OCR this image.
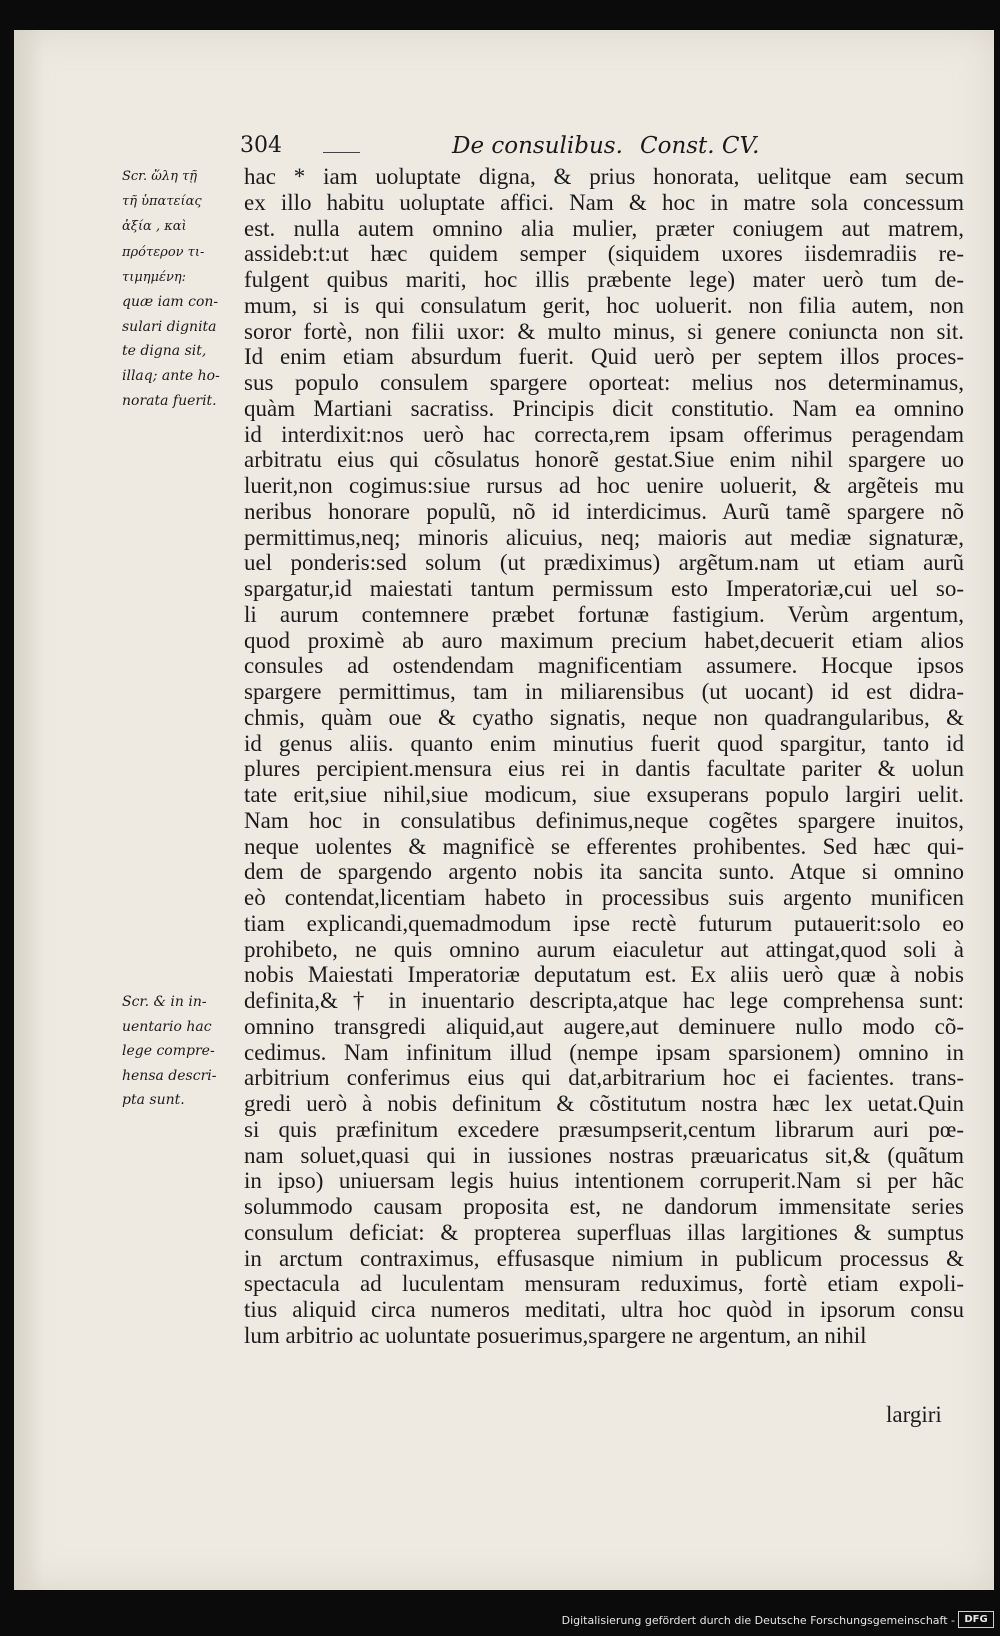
304	De consulibus. Const. CV.
Scr. ὥλη τῇ
τῆ ὑπατείας
ἀξία , καὶ
πρότερον τι-
τιμημένη:
quæ iam con-
sulari dignita
te digna sit,
illaq; ante ho-
norata fuerit.
Scr. & in in-
uentario hac
lege compre-
hensa descri-
pta sunt.
hac * iam uoluptate digna, & prius honorata, uelitque eam secum
ex illo habitu uoluptate affici. Nam & hoc in matre sola concessum
est. nulla autem omnino alia mulier, præter coniugem aut matrem,
assideb:t:ut hæc quidem semper (siquidem uxores iisdemradiis re-
fulgent quibus mariti, hoc illis præbente lege) mater uerò tum de-
mum, si is qui consulatum gerit, hoc uoluerit. non filia autem, non
soror fortè, non filii uxor: & multo minus, si genere coniuncta non sit.
Id enim etiam absurdum fuerit. Quid uerò per septem illos proces-
sus populo consulem spargere oporteat: melius nos determinamus,
quàm Martiani sacratiss. Principis dicit constitutio. Nam ea omnino
id interdixit:nos uerò hac correcta,rem ipsam offerimus peragendam
arbitratu eius qui cõsulatus honorẽ gestat.Siue enim nihil spargere uo
luerit,non cogimus:siue rursus ad hoc uenire uoluerit, & argẽteis mu
neribus honorare populũ, nõ id interdicimus. Aurũ tamẽ spargere nõ
permittimus,neq; minoris alicuius, neq; maioris aut mediæ signaturæ,
uel ponderis:sed solum (ut prædiximus) argẽtum.nam ut etiam aurũ
spargatur,id maiestati tantum permissum esto Imperatoriæ,cui uel so-
li aurum contemnere præbet fortunæ fastigium. Verùm argentum,
quod proximè ab auro maximum precium habet,decuerit etiam alios
consules ad ostendendam magnificentiam assumere. Hocque ipsos
spargere permittimus, tam in miliarensibus (ut uocant) id est didra-
chmis, quàm oue & cyatho signatis, neque non quadrangularibus, &
id genus aliis. quanto enim minutius fuerit quod spargitur, tanto id
plures percipient.mensura eius rei in dantis facultate pariter & uolun
tate erit,siue nihil,siue modicum, siue exsuperans populo largiri uelit.
Nam hoc in consulatibus definimus,neque cogẽtes spargere inuitos,
neque uolentes & magnificè se efferentes prohibentes. Sed hæc qui-
dem de spargendo argento nobis ita sancita sunto. Atque si omnino
eò contendat,licentiam habeto in processibus suis argento munificen
tiam explicandi,quemadmodum ipse rectè futurum putauerit:solo eo
prohibeto, ne quis omnino aurum eiaculetur aut attingat,quod soli à
nobis Maiestati Imperatoriæ deputatum est. Ex aliis uerò quæ à nobis
definita,& † in inuentario descripta,atque hac lege comprehensa sunt:
omnino transgredi aliquid,aut augere,aut deminuere nullo modo cõ-
cedimus. Nam infinitum illud (nempe ipsam sparsionem) omnino in
arbitrium conferimus eius qui dat,arbitrarium hoc ei facientes. trans-
gredi uerò à nobis definitum & cõstitutum nostra hæc lex uetat.Quin
si quis præfinitum excedere præsumpserit,centum librarum auri pœ-
nam soluet,quasi qui in iussiones nostras præuaricatus sit,& (quãtum
in ipso) uniuersam legis huius intentionem corruperit.Nam si per hãc
solummodo causam proposita est, ne dandorum immensitate series
consulum deficiat: & propterea superfluas illas largitiones & sumptus
in arctum contraximus, effusasque nimium in publicum processus &
spectacula ad luculentam mensuram reduximus, fortè etiam expoli-
tius aliquid circa numeros meditati, ultra hoc quòd in ipsorum consu
lum arbitrio ac uoluntate posuerimus,spargere ne argentum, an nihil
largiri
Digitalisierung gefördert durch die Deutsche Forschungsgemeinschaft - DFG
